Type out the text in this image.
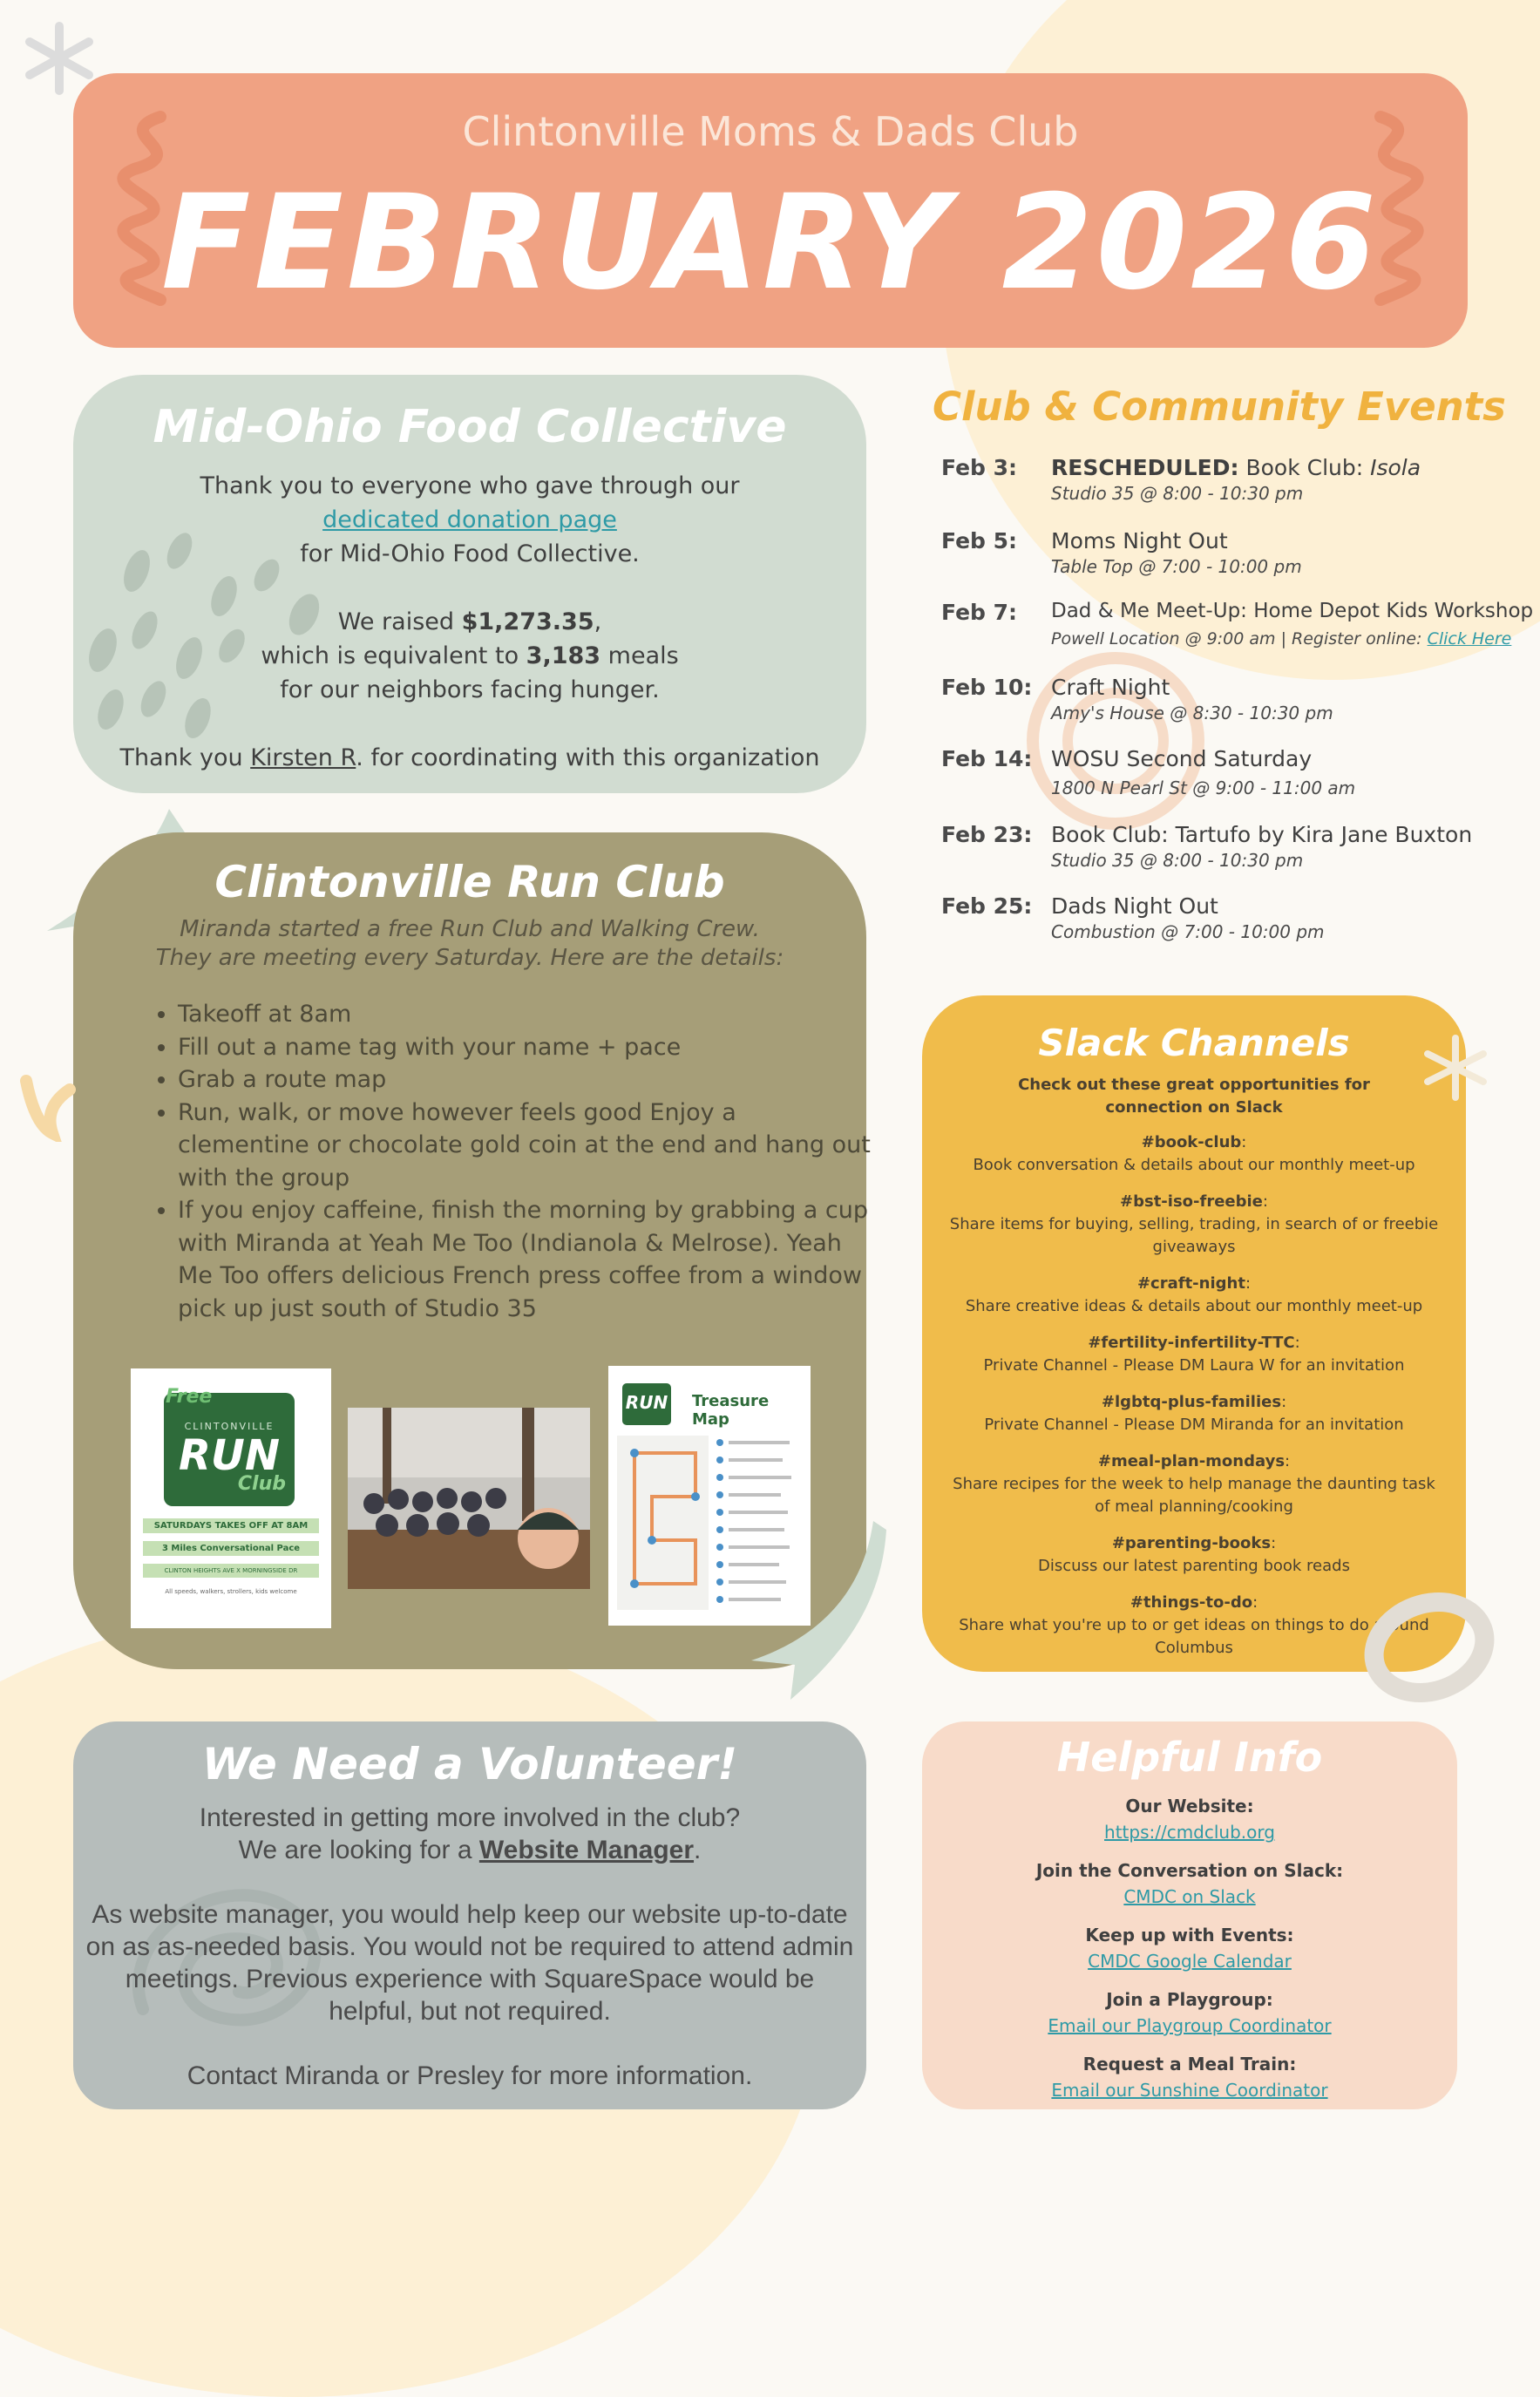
Clintonville Moms & Dads Club
FEBRUARY 2026
Mid-Ohio Food Collective
Thank you to everyone who gave through our
dedicated donation page
for Mid-Ohio Food Collective.
We raised $1,273.35,
which is equivalent to 3,183 meals
for our neighbors facing hunger.
Thank you Kirsten R. for coordinating with this organization
Clintonville Run Club
Miranda started a free Run Club and Walking Crew.
They are meeting every Saturday. Here are the details:
• Takeoff at 8am
• Fill out a name tag with your name + pace
• Grab a route map
• Run, walk, or move however feels good Enjoy a clementine or chocolate gold coin at the end and hang out with the group
• If you enjoy caffeine, finish the morning by grabbing a cup with Miranda at Yeah Me Too (Indianola & Melrose). Yeah Me Too offers delicious French press coffee from a window pick up just south of Studio 35
Free
CLINTONVILLE
RUN
Club
SATURDAYS TAKES OFF AT 8AM
3 Miles Conversational Pace
CLINTON HEIGHTS AVE X MORNINGSIDE DR
All speeds, walkers, strollers, kids welcome
RUN Treasure Map
Club & Community Events
Feb 3: RESCHEDULED: Book Club: Isola
Studio 35 @ 8:00 - 10:30 pm
Feb 5: Moms Night Out
Table Top @ 7:00 - 10:00 pm
Feb 7: Dad & Me Meet-Up: Home Depot Kids Workshop
Powell Location @ 9:00 am | Register online: Click Here
Feb 10: Craft Night
Amy's House @ 8:30 - 10:30 pm
Feb 14: WOSU Second Saturday
1800 N Pearl St @ 9:00 - 11:00 am
Feb 23: Book Club: Tartufo by Kira Jane Buxton
Studio 35 @ 8:00 - 10:30 pm
Feb 25: Dads Night Out
Combustion @ 7:00 - 10:00 pm
Slack Channels
Check out these great opportunities for connection on Slack
#book-club:
Book conversation & details about our monthly meet-up
#bst-iso-freebie:
Share items for buying, selling, trading, in search of or freebie giveaways
#craft-night:
Share creative ideas & details about our monthly meet-up
#fertility-infertility-TTC:
Private Channel - Please DM Laura W for an invitation
#lgbtq-plus-families:
Private Channel - Please DM Miranda for an invitation
#meal-plan-mondays:
Share recipes for the week to help manage the daunting task of meal planning/cooking
#parenting-books:
Discuss our latest parenting book reads
#things-to-do:
Share what you're up to or get ideas on things to do around Columbus
We Need a Volunteer!
Interested in getting more involved in the club?
We are looking for a Website Manager.
As website manager, you would help keep our website up-to-date on as as-needed basis. You would not be required to attend admin meetings. Previous experience with SquareSpace would be helpful, but not required.
Contact Miranda or Presley for more information.
Helpful Info
Our Website:
https://cmdclub.org
Join the Conversation on Slack:
CMDC on Slack
Keep up with Events:
CMDC Google Calendar
Join a Playgroup:
Email our Playgroup Coordinator
Request a Meal Train:
Email our Sunshine Coordinator
